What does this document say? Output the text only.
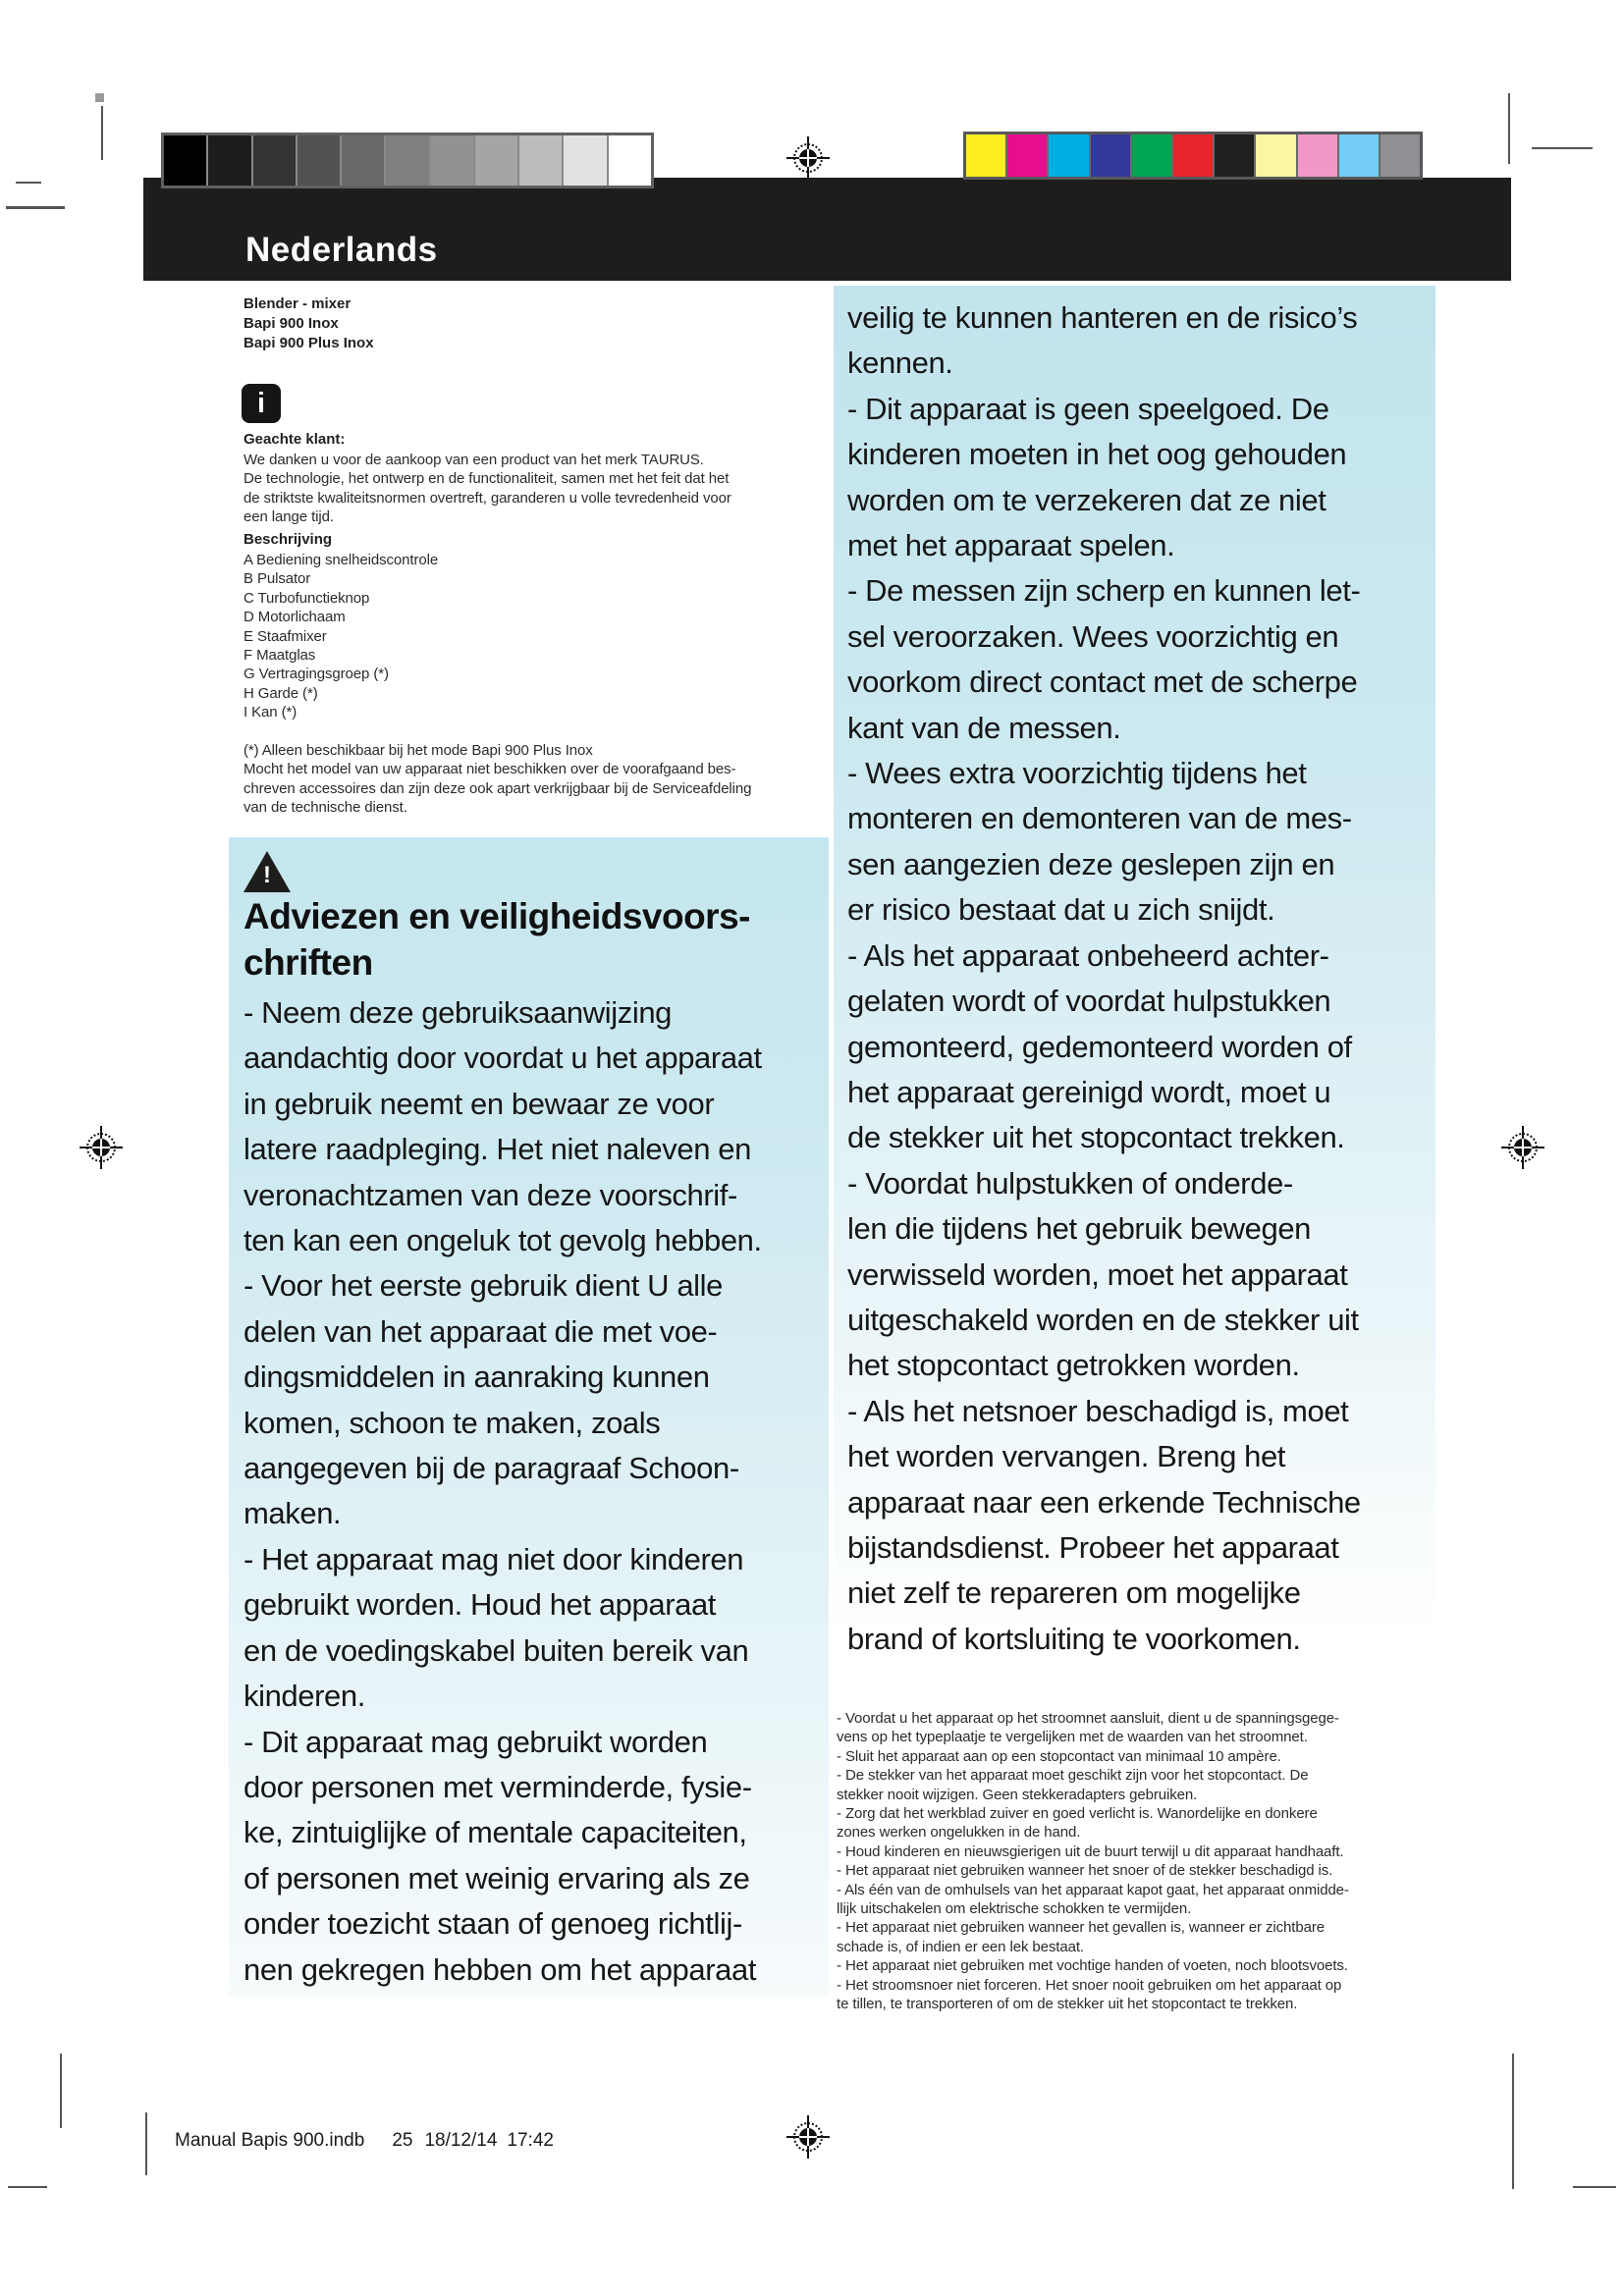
Nederlands
Blender - mixer
Bapi 900 Inox
Bapi 900 Plus Inox
i
Geachte klant:
We danken u voor de aankoop van een product van het merk TAURUS.
De technologie, het ontwerp en de functionaliteit, samen met het feit dat het
de striktste kwaliteitsnormen overtreft, garanderen u volle tevredenheid voor
een lange tijd.
Beschrijving
A Bediening snelheidscontrole
B Pulsator
C Turbofunctieknop
D Motorlichaam
E Staafmixer
F Maatglas
G Vertragingsgroep (*)
H Garde (*)
I Kan (*)
(*) Alleen beschikbaar bij het mode Bapi 900 Plus Inox
Mocht het model van uw apparaat niet beschikken over de voorafgaand bes-
chreven accessoires dan zijn deze ook apart verkrijgbaar bij de Serviceafdeling
van de technische dienst.
!
Adviezen en veiligheidsvoors-
chriften
- Neem deze gebruiksaanwijzing
aandachtig door voordat u het apparaat
in gebruik neemt en bewaar ze voor
latere raadpleging. Het niet naleven en
veronachtzamen van deze voorschrif-
ten kan een ongeluk tot gevolg hebben.
- Voor het eerste gebruik dient U alle
delen van het apparaat die met voe-
dingsmiddelen in aanraking kunnen
komen, schoon te maken, zoals
aangegeven bij de paragraaf Schoon-
maken.
- Het apparaat mag niet door kinderen
gebruikt worden. Houd het apparaat
en de voedingskabel buiten bereik van
kinderen.
- Dit apparaat mag gebruikt worden
door personen met verminderde, fysie-
ke, zintuiglijke of mentale capaciteiten,
of personen met weinig ervaring als ze
onder toezicht staan of genoeg richtlij-
nen gekregen hebben om het apparaat
veilig te kunnen hanteren en de risico’s
kennen.
- Dit apparaat is geen speelgoed. De
kinderen moeten in het oog gehouden
worden om te verzekeren dat ze niet
met het apparaat spelen.
- De messen zijn scherp en kunnen let-
sel veroorzaken. Wees voorzichtig en
voorkom direct contact met de scherpe
kant van de messen.
- Wees extra voorzichtig tijdens het
monteren en demonteren van de mes-
sen aangezien deze geslepen zijn en
er risico bestaat dat u zich snijdt.
- Als het apparaat onbeheerd achter-
gelaten wordt of voordat hulpstukken
gemonteerd, gedemonteerd worden of
het apparaat gereinigd wordt, moet u
de stekker uit het stopcontact trekken.
- Voordat hulpstukken of onderde-
len die tijdens het gebruik bewegen
verwisseld worden, moet het apparaat
uitgeschakeld worden en de stekker uit
het stopcontact getrokken worden.
- Als het netsnoer beschadigd is, moet
het worden vervangen. Breng het
apparaat naar een erkende Technische
bijstandsdienst. Probeer het apparaat
niet zelf te repareren om mogelijke
brand of kortsluiting te voorkomen.
- Voordat u het apparaat op het stroomnet aansluit, dient u de spanningsgege-
vens op het typeplaatje te vergelijken met de waarden van het stroomnet.
- Sluit het apparaat aan op een stopcontact van minimaal 10 ampère.
- De stekker van het apparaat moet geschikt zijn voor het stopcontact. De
stekker nooit wijzigen. Geen stekkeradapters gebruiken.
- Zorg dat het werkblad zuiver en goed verlicht is. Wanordelijke en donkere
zones werken ongelukken in de hand.
- Houd kinderen en nieuwsgierigen uit de buurt terwijl u dit apparaat handhaaft.
- Het apparaat niet gebruiken wanneer het snoer of de stekker beschadigd is.
- Als één van de omhulsels van het apparaat kapot gaat, het apparaat onmidde-
llijk uitschakelen om elektrische schokken te vermijden.
- Het apparaat niet gebruiken wanneer het gevallen is, wanneer er zichtbare
schade is, of indien er een lek bestaat.
- Het apparaat niet gebruiken met vochtige handen of voeten, noch blootsvoets.
- Het stroomsnoer niet forceren. Het snoer nooit gebruiken om het apparaat op
te tillen, te transporteren of om de stekker uit het stopcontact te trekken.
Manual Bapis 900.indb 25 18/12/14 17:42
